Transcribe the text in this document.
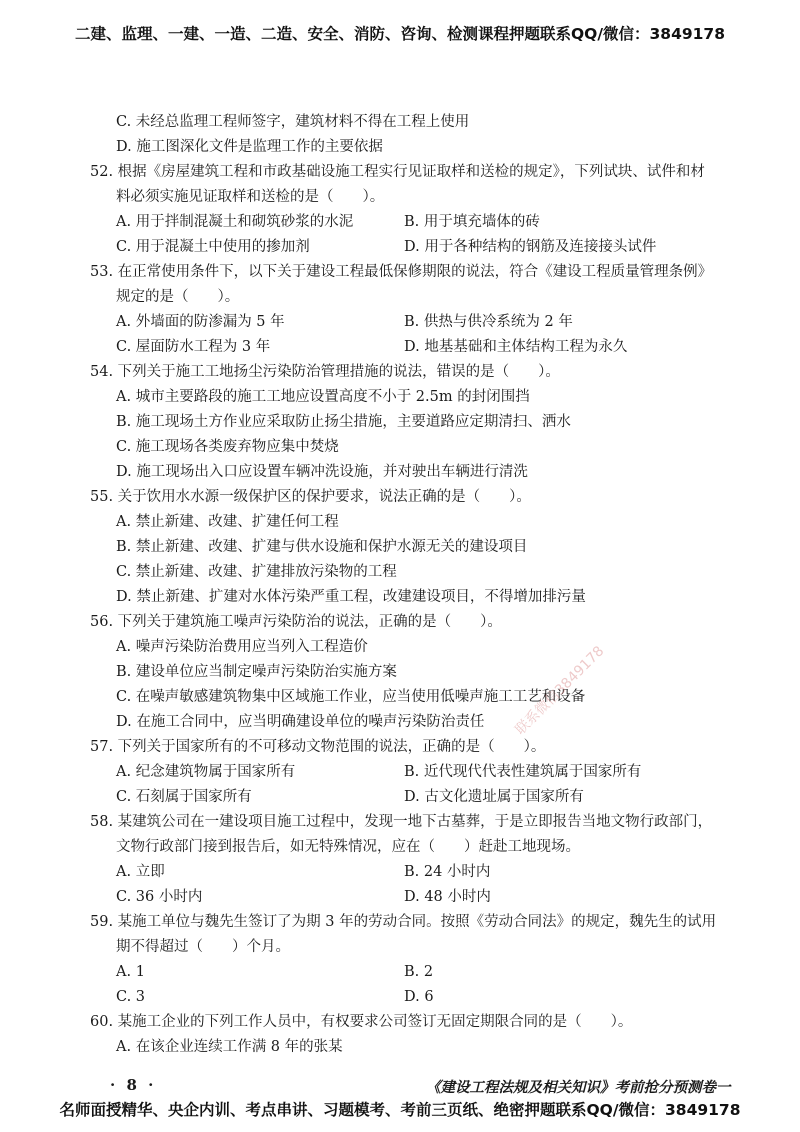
二建、监理、一建、一造、二造、安全、消防、咨询、检测课程押题联系QQ/微信：3849178
C. 未经总监理工程师签字，建筑材料不得在工程上使用
D. 施工图深化文件是监理工作的主要依据
52. 根据《房屋建筑工程和市政基础设施工程实行见证取样和送检的规定》，下列试块、试件和材
料必须实施见证取样和送检的是（　　）。
A. 用于拌制混凝土和砌筑砂浆的水泥	B. 用于填充墙体的砖
C. 用于混凝土中使用的掺加剂	D. 用于各种结构的钢筋及连接接头试件
53. 在正常使用条件下，以下关于建设工程最低保修期限的说法，符合《建设工程质量管理条例》
规定的是（　　）。
A. 外墙面的防渗漏为 5 年	B. 供热与供冷系统为 2 年
C. 屋面防水工程为 3 年	D. 地基基础和主体结构工程为永久
54. 下列关于施工工地扬尘污染防治管理措施的说法，错误的是（　　）。
A. 城市主要路段的施工工地应设置高度不小于 2.5m 的封闭围挡
B. 施工现场土方作业应采取防止扬尘措施，主要道路应定期清扫、洒水
C. 施工现场各类废弃物应集中焚烧
D. 施工现场出入口应设置车辆冲洗设施，并对驶出车辆进行清洗
55. 关于饮用水水源一级保护区的保护要求，说法正确的是（　　）。
A. 禁止新建、改建、扩建任何工程
B. 禁止新建、改建、扩建与供水设施和保护水源无关的建设项目
C. 禁止新建、改建、扩建排放污染物的工程
D. 禁止新建、扩建对水体污染严重工程，改建建设项目，不得增加排污量
56. 下列关于建筑施工噪声污染防治的说法，正确的是（　　）。
A. 噪声污染防治费用应当列入工程造价
B. 建设单位应当制定噪声污染防治实施方案
C. 在噪声敏感建筑物集中区域施工作业，应当使用低噪声施工工艺和设备
D. 在施工合同中，应当明确建设单位的噪声污染防治责任
57. 下列关于国家所有的不可移动文物范围的说法，正确的是（　　）。
A. 纪念建筑物属于国家所有	B. 近代现代代表性建筑属于国家所有
C. 石刻属于国家所有	D. 古文化遗址属于国家所有
58. 某建筑公司在一建设项目施工过程中，发现一地下古墓葬，于是立即报告当地文物行政部门，
文物行政部门接到报告后，如无特殊情况，应在（　　）赶赴工地现场。
A. 立即	B. 24 小时内
C. 36 小时内	D. 48 小时内
59. 某施工单位与魏先生签订了为期 3 年的劳动合同。按照《劳动合同法》的规定，魏先生的试用
期不得超过（　　）个月。
A. 1	B. 2
C. 3	D. 6
60. 某施工企业的下列工作人员中，有权要求公司签订无固定期限合同的是（　　）。
A. 在该企业连续工作满 8 年的张某
联系微信3849178
· 8 ·	《建设工程法规及相关知识》考前抢分预测卷一
名师面授精华、央企内训、考点串讲、习题模考、考前三页纸、绝密押题联系QQ/微信：3849178
